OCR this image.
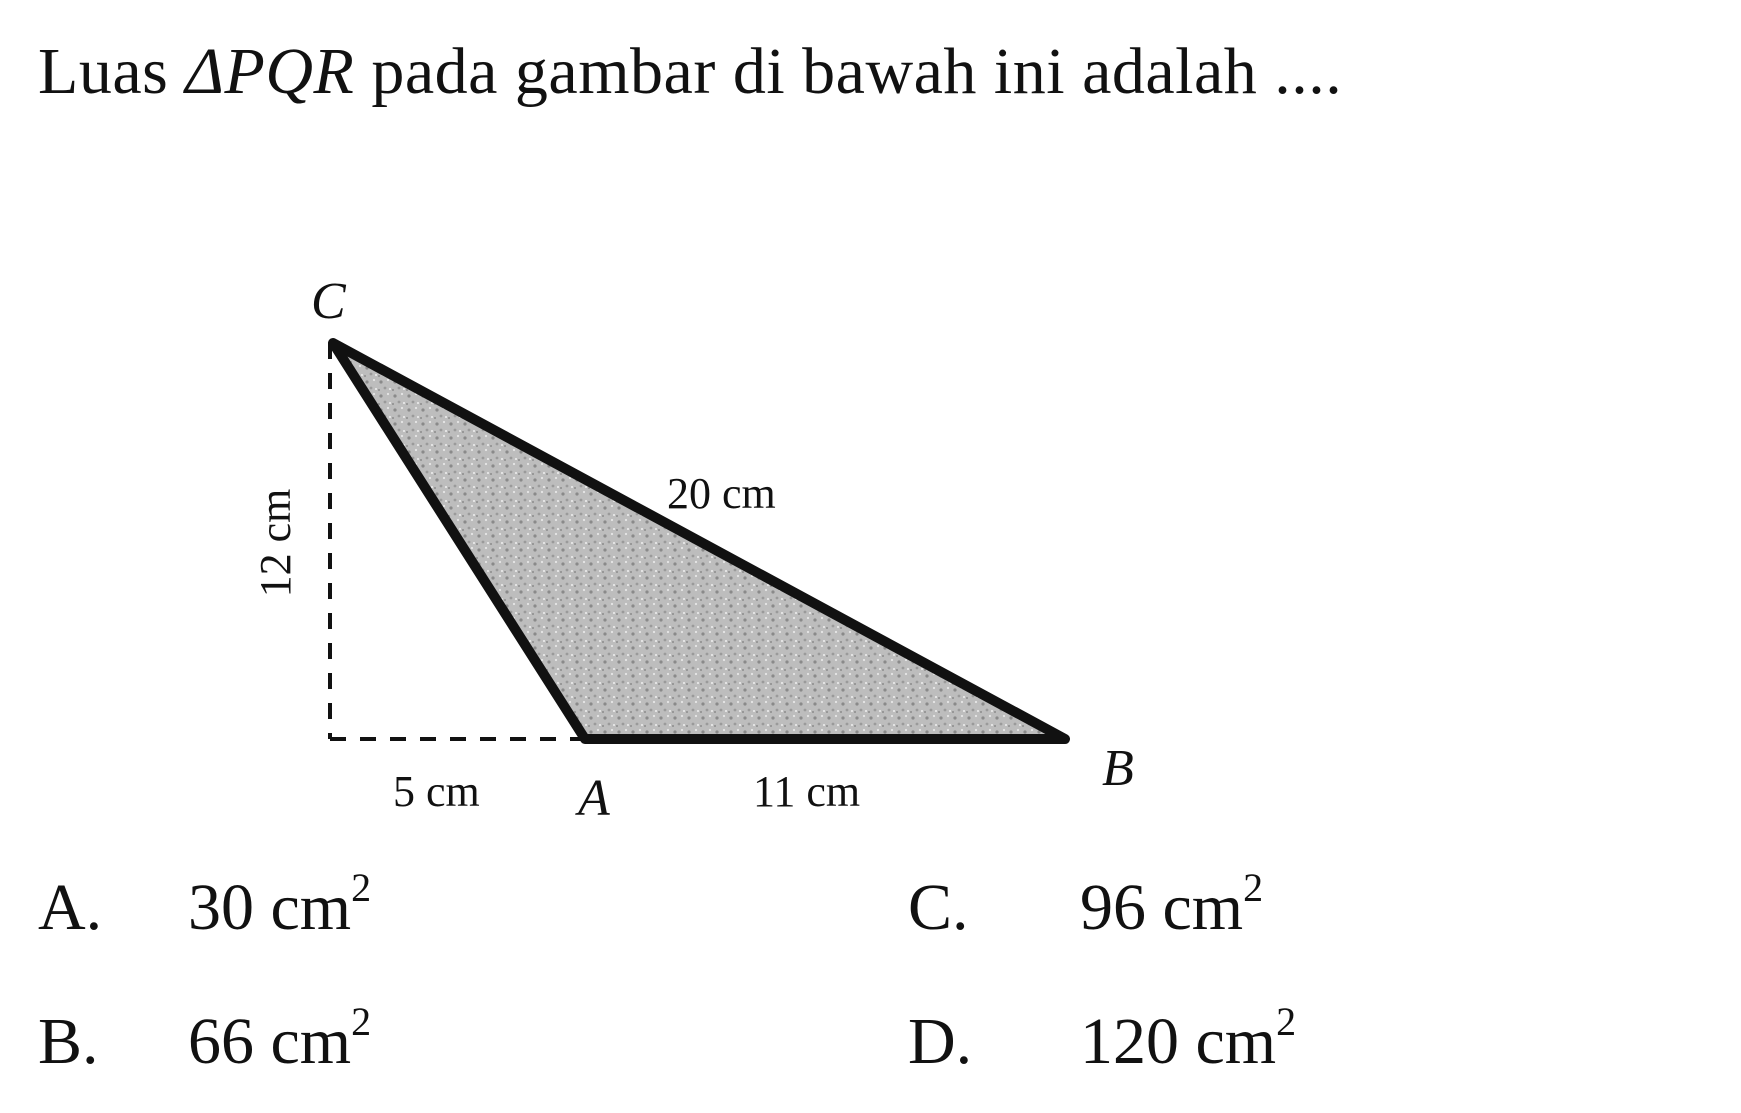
Luas ΔPQR pada gambar di bawah ini adalah ....
C
A
B
12 cm	20 cm
5 cm	11 cm
A. 30 $cm^2$
B. 66 $cm^2$
C. 96 $cm^2$
D. 120 $cm^2$
